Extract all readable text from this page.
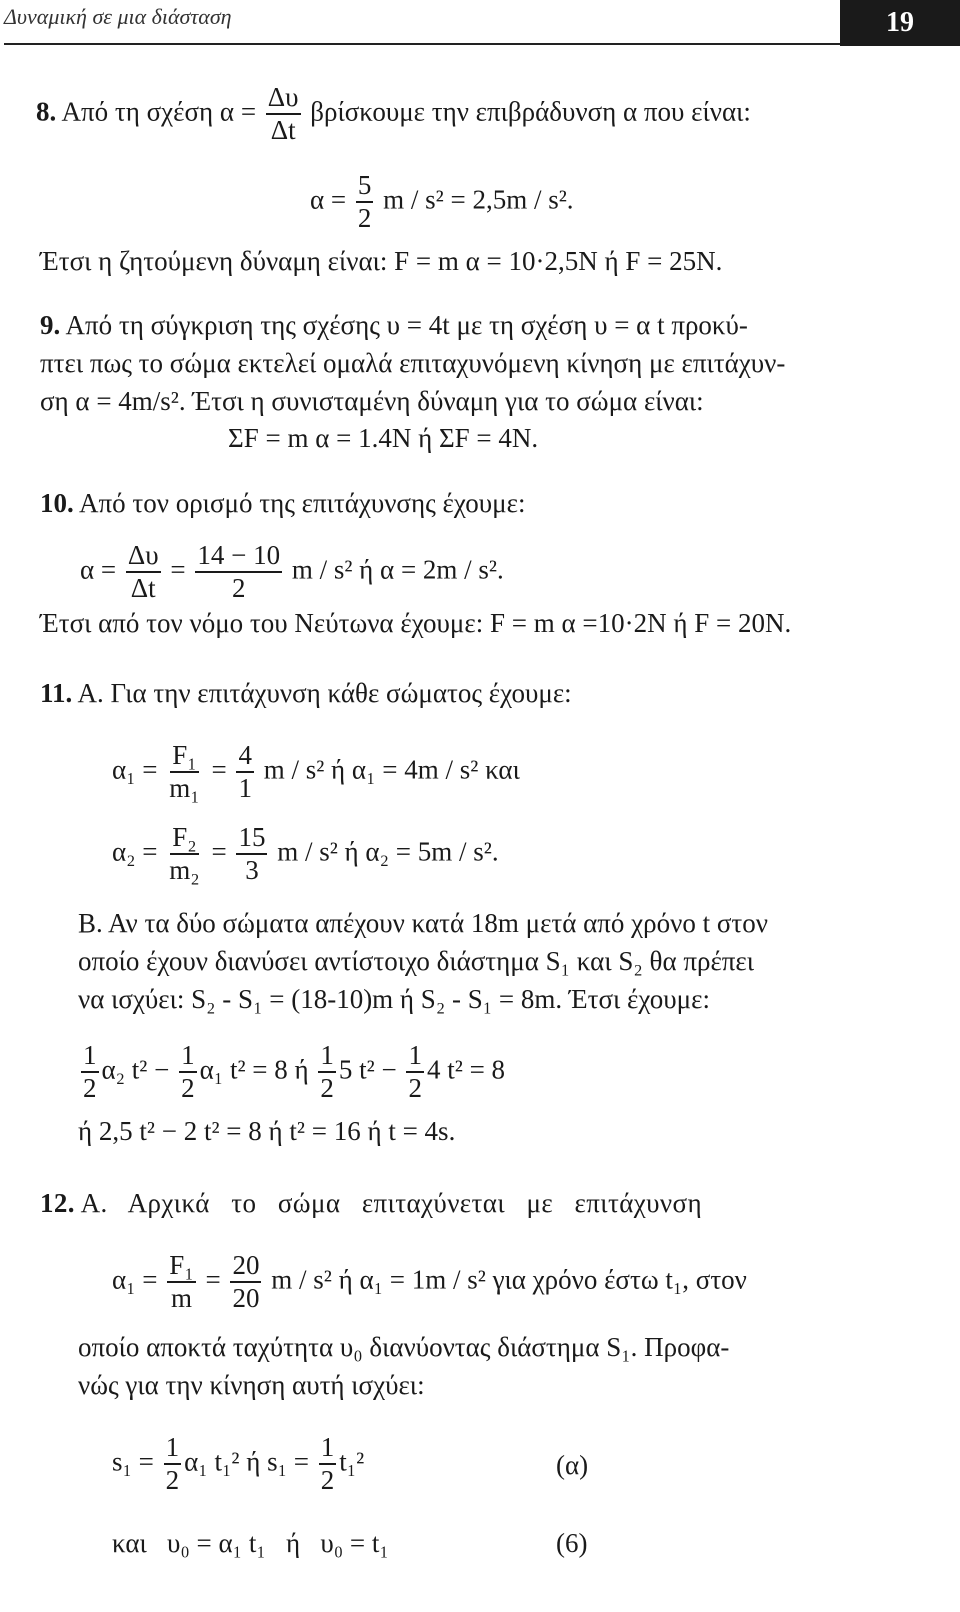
Δυναμική σε μια διάσταση	19
8. Από τη σχέση $\alpha = \frac{\Delta\upsilon}{\Delta t}$ βρίσκουμε την επιβράδυνση α που είναι:
$\alpha = \frac{5}{2}$ m / s² = 2,5m / s².
Έτσι η ζητούμενη δύναμη είναι: F = m α = 10·2,5N ή F = 25N.
9. Από τη σύγκριση της σχέσης υ = 4t με τη σχέση υ = α t προκύ-
πτει πως το σώμα εκτελεί ομαλά επιταχυνόμενη κίνηση με επιτάχυν-
ση α = 4m/s². Έτσι η συνισταμένη δύναμη για το σώμα είναι:
ΣF = m α = 1.4N ή ΣF = 4N.
10. Από τον ορισμό της επιτάχυνσης έχουμε:
$\alpha = \frac{\Delta\upsilon}{\Delta t} = \frac{14 - 10}{2}$ m / s² ή α = 2m / s².
Έτσι από τον νόμο του Νεύτωνα έχουμε: F = m α =10·2N ή F = 20N.
11. Α. Για την επιτάχυνση κάθε σώματος έχουμε:
$\alpha_1 = \frac{\text{F₁}}{\text{m₁}} = \frac{4}{1}$ m / s² ή α₁ = 4m / s² και
$\alpha_2 = \frac{\text{F₂}}{\text{m₂}} = \frac{15}{3}$ m / s² ή α₂ = 5m / s².
Β. Αν τα δύο σώματα απέχουν κατά 18m μετά από χρόνο t στον
οποίο έχουν διανύσει αντίστοιχο διάστημα S₁ και S₂ θα πρέπει
να ισχύει: S₂ - S₁ = (18-10)m ή S₂ - S₁ = 8m. Έτσι έχουμε:
$\frac{1}{2} \alpha_2$ $t^2 - \frac{1}{2} \alpha_1$ t² = 8 ή $\frac{1}{2} 5$ $t^2 - \frac{1}{2} 4$ t² = 8
ή 2,5 t² − 2 t² = 8 ή t² = 16 ή t = 4s.
12. Α.   Αρχικά   το   σώμα   επιταχύνεται   με   επιτάχυνση
$\alpha_1 = \frac{\text{F₁}}{m} = \frac{20}{20}$ m / s² ή α₁ = 1m / s² για χρόνο έστω t₁, στον
οποίο αποκτά ταχύτητα υ₀ διανύοντας διάστημα S₁. Προφα-
νώς για την κίνηση αυτή ισχύει:
$s_1 = \frac{1}{2} \alpha_1$ t₁² ή $s_1 = \frac{1}{2} t_1^2$	(α)
και   υ₀ = α₁ t₁   ή   υ₀ = t₁	(6)
